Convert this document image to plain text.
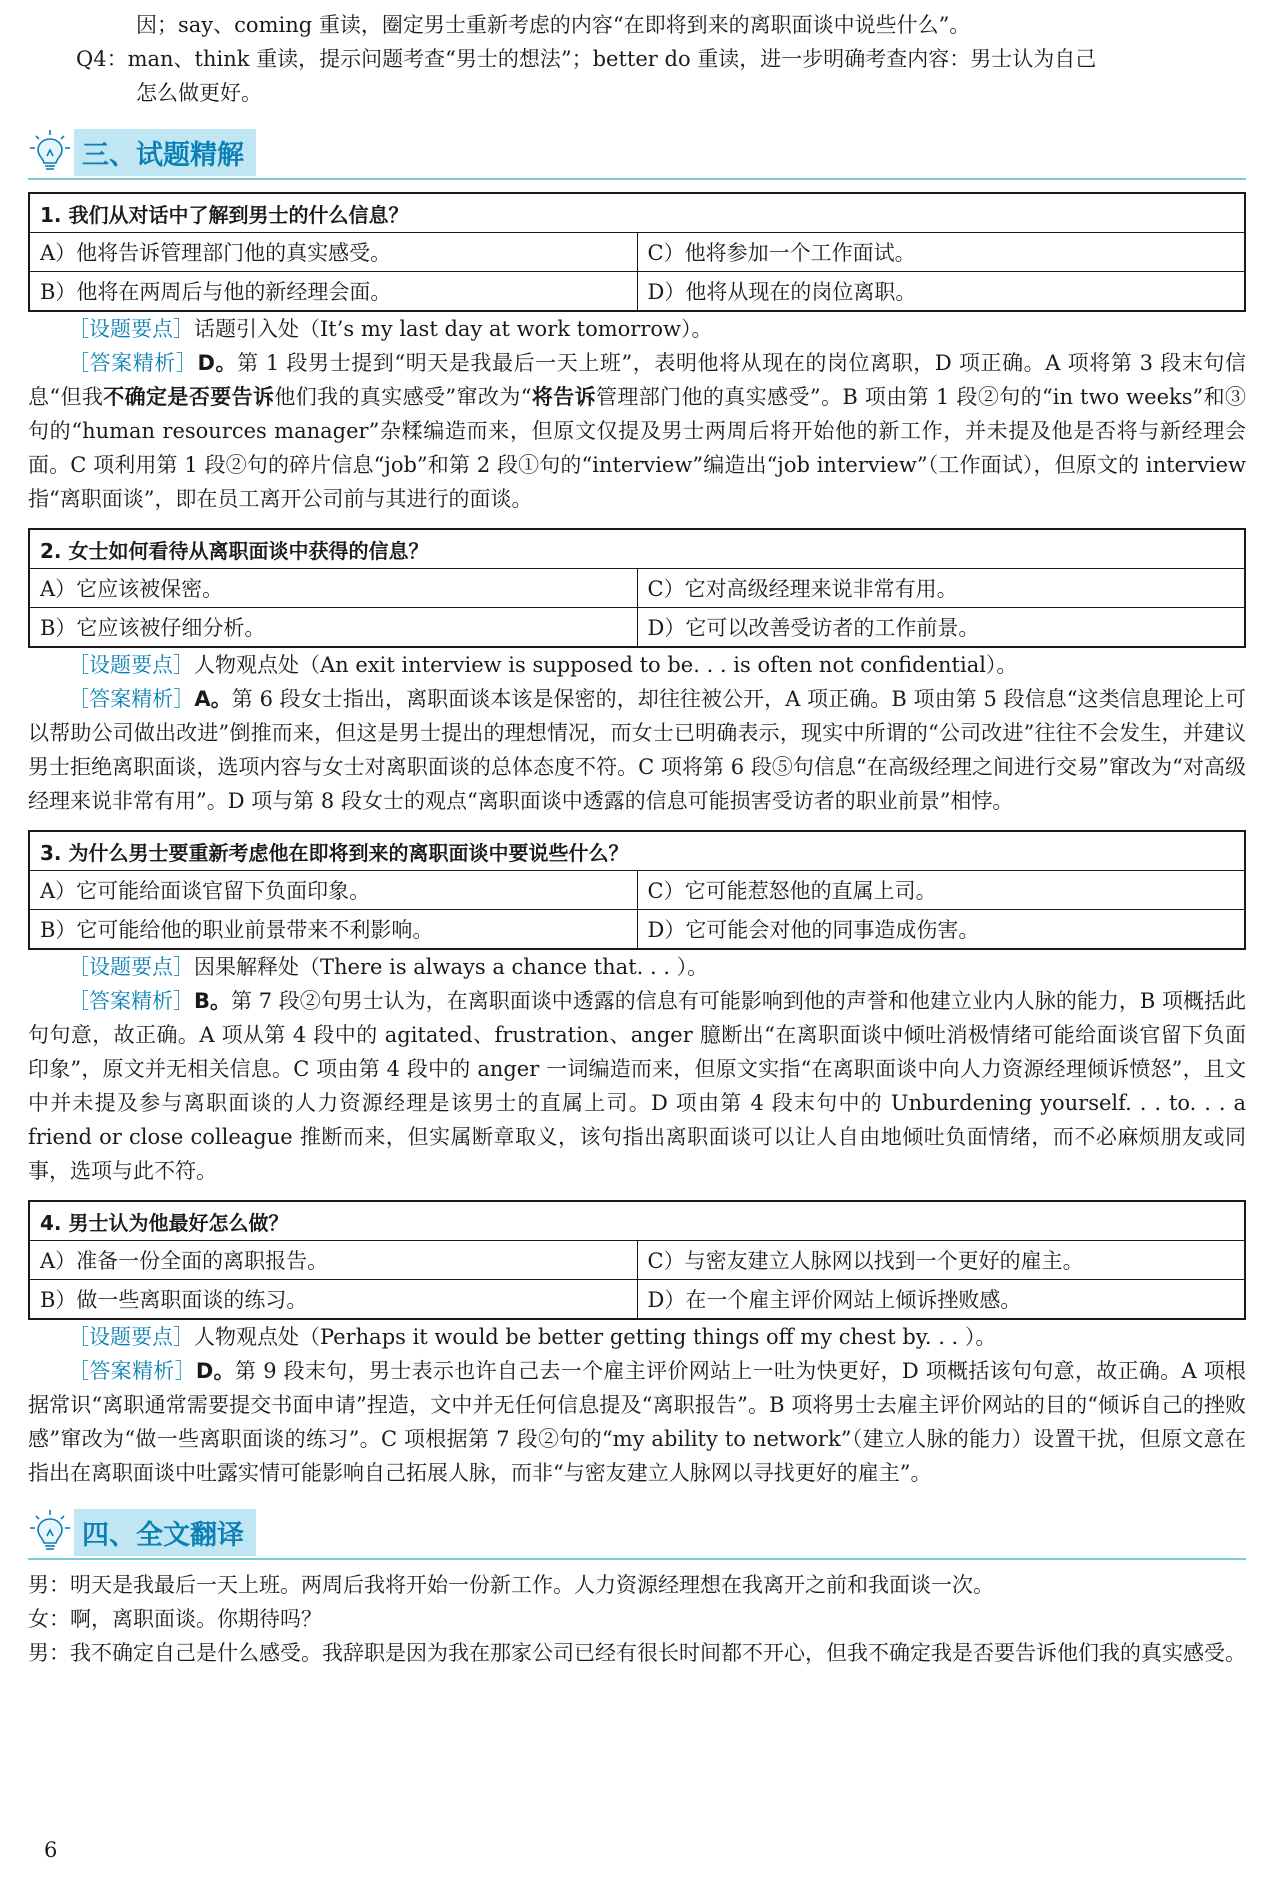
因；say、coming 重读，圈定男士重新考虑的内容“在即将到来的离职面谈中说些什么”。

Q4：man、think 重读，提示问题考查“男士的想法”；better do 重读，进一步明确考查内容：男士认为自己

怎么做更好。

三、试题精解
1. 我们从对话中了解到男士的什么信息？	
A）他将告诉管理部门他的真实感受。	C）他将参加一个工作面试。
B）他将在两周后与他的新经理会面。	D）他将从现在的岗位离职。

［设题要点］话题引入处（It’s my last day at work tomorrow）。

［答案精析］D。第 1 段男士提到“明天是我最后一天上班”，表明他将从现在的岗位离职，D 项正确。A 项将第 3 段末句信息“但我不确定是否要告诉他们我的真实感受”窜改为“将告诉管理部门他的真实感受”。B 项由第 1 段②句的“in two weeks”和③句的“human resources manager”杂糅编造而来，但原文仅提及男士两周后将开始他的新工作，并未提及他是否将与新经理会面。C 项利用第 1 段②句的碎片信息“job”和第 2 段①句的“interview”编造出“job interview”（工作面试），但原文的 interview 指“离职面谈”，即在员工离开公司前与其进行的面谈。

2. 女士如何看待从离职面谈中获得的信息？	
A）它应该被保密。	C）它对高级经理来说非常有用。
B）它应该被仔细分析。	D）它可以改善受访者的工作前景。

［设题要点］人物观点处（An exit interview is supposed to be. . . is often not confidential）。

［答案精析］A。第 6 段女士指出，离职面谈本该是保密的，却往往被公开，A 项正确。B 项由第 5 段信息“这类信息理论上可以帮助公司做出改进”倒推而来，但这是男士提出的理想情况，而女士已明确表示，现实中所谓的“公司改进”往往不会发生，并建议男士拒绝离职面谈，选项内容与女士对离职面谈的总体态度不符。C 项将第 6 段⑤句信息“在高级经理之间进行交易”窜改为“对高级经理来说非常有用”。D 项与第 8 段女士的观点“离职面谈中透露的信息可能损害受访者的职业前景”相悖。

3. 为什么男士要重新考虑他在即将到来的离职面谈中要说些什么？	
A）它可能给面谈官留下负面印象。	C）它可能惹怒他的直属上司。
B）它可能给他的职业前景带来不利影响。	D）它可能会对他的同事造成伤害。

［设题要点］因果解释处（There is always a chance that. . . ）。

［答案精析］B。第 7 段②句男士认为，在离职面谈中透露的信息有可能影响到他的声誉和他建立业内人脉的能力，B 项概括此句句意，故正确。A 项从第 4 段中的 agitated、frustration、anger 臆断出“在离职面谈中倾吐消极情绪可能给面谈官留下负面印象”，原文并无相关信息。C 项由第 4 段中的 anger 一词编造而来，但原文实指“在离职面谈中向人力资源经理倾诉愤怒”，且文中并未提及参与离职面谈的人力资源经理是该男士的直属上司。D 项由第 4 段末句中的 Unburdening yourself. . . to. . . a friend or close colleague 推断而来，但实属断章取义，该句指出离职面谈可以让人自由地倾吐负面情绪，而不必麻烦朋友或同事，选项与此不符。

4. 男士认为他最好怎么做？	
A）准备一份全面的离职报告。	C）与密友建立人脉网以找到一个更好的雇主。
B）做一些离职面谈的练习。	D）在一个雇主评价网站上倾诉挫败感。

［设题要点］人物观点处（Perhaps it would be better getting things off my chest by. . . ）。

［答案精析］D。第 9 段末句，男士表示也许自己去一个雇主评价网站上一吐为快更好，D 项概括该句句意，故正确。A 项根据常识“离职通常需要提交书面申请”捏造，文中并无任何信息提及“离职报告”。B 项将男士去雇主评价网站的目的“倾诉自己的挫败感”窜改为“做一些离职面谈的练习”。C 项根据第 7 段②句的“my ability to network”（建立人脉的能力）设置干扰，但原文意在指出在离职面谈中吐露实情可能影响自己拓展人脉，而非“与密友建立人脉网以寻找更好的雇主”。

四、全文翻译

男：明天是我最后一天上班。两周后我将开始一份新工作。人力资源经理想在我离开之前和我面谈一次。

女：啊，离职面谈。你期待吗？

男：我不确定自己是什么感受。我辞职是因为我在那家公司已经有很长时间都不开心，但我不确定我是否要告诉他们我的真实感受。

6
